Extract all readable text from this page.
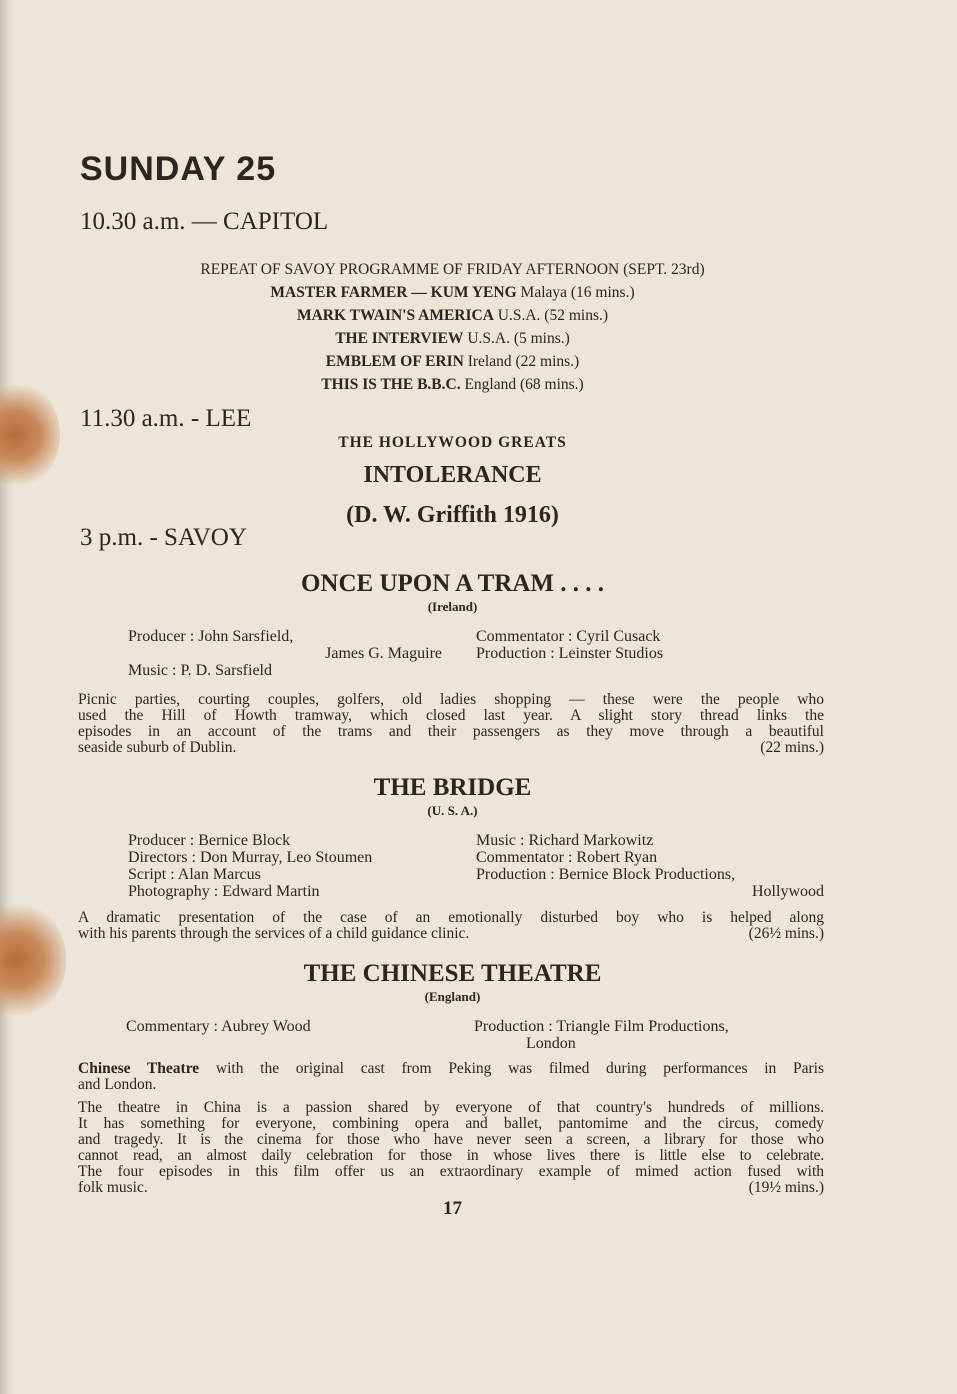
SUNDAY 25
10.30 a.m. — CAPITOL
REPEAT OF SAVOY PROGRAMME OF FRIDAY AFTERNOON (SEPT. 23rd)
MASTER FARMER — KUM YENG Malaya (16 mins.)
MARK TWAIN'S AMERICA U.S.A. (52 mins.)
THE INTERVIEW U.S.A. (5 mins.)
EMBLEM OF ERIN Ireland (22 mins.)
THIS IS THE B.B.C. England (68 mins.)
11.30 a.m. - LEE
THE HOLLYWOOD GREATS
INTOLERANCE
(D. W. Griffith 1916)
3 p.m. - SAVOY
ONCE UPON A TRAM . . . .
(Ireland)
Producer : John Sarsfield,
James G. Maguire
Music : P. D. Sarsfield
Commentator : Cyril Cusack
Production : Leinster Studios
Picnic parties, courting couples, golfers, old ladies shopping — these were the people who
used the Hill of Howth tramway, which closed last year. A slight story thread links the
episodes in an account of the trams and their passengers as they move through a beautiful
seaside suburb of Dublin.	(22 mins.)
THE BRIDGE
(U. S. A.)
Producer : Bernice Block
Directors : Don Murray, Leo Stoumen
Script : Alan Marcus
Photography : Edward Martin
Music : Richard Markowitz
Commentator : Robert Ryan
Production : Bernice Block Productions,
Hollywood
A dramatic presentation of the case of an emotionally disturbed boy who is helped along
with his parents through the services of a child guidance clinic.	(26½ mins.)
THE CHINESE THEATRE
(England)
Commentary : Aubrey Wood	Production : Triangle Film Productions,
London
Chinese Theatre with the original cast from Peking was filmed during performances in Paris
and London.
The theatre in China is a passion shared by everyone of that country's hundreds of millions.
It has something for everyone, combining opera and ballet, pantomime and the circus, comedy
and tragedy. It is the cinema for those who have never seen a screen, a library for those who
cannot read, an almost daily celebration for those in whose lives there is little else to celebrate.
The four episodes in this film offer us an extraordinary example of mimed action fused with
folk music.	(19½ mins.)
17
